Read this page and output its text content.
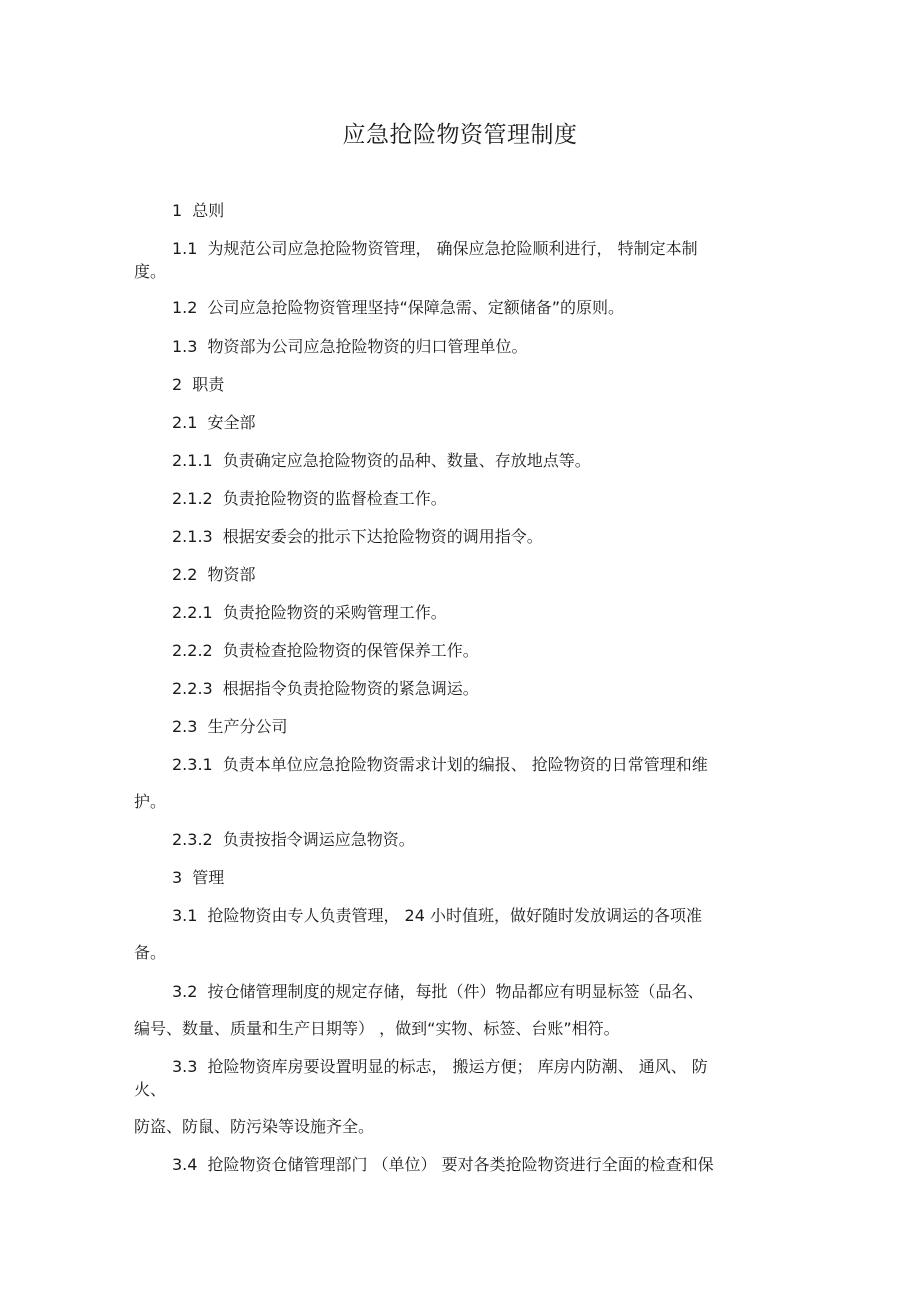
应急抢险物资管理制度
1 总则
1.1 为规范公司应急抢险物资管理， 确保应急抢险顺利进行， 特制定本制
度。
1.2 公司应急抢险物资管理坚持“保障急需、定额储备”的原则。
1.3 物资部为公司应急抢险物资的归口管理单位。
2 职责
2.1 安全部
2.1.1 负责确定应急抢险物资的品种、数量、存放地点等。
2.1.2 负责抢险物资的监督检查工作。
2.1.3 根据安委会的批示下达抢险物资的调用指令。
2.2 物资部
2.2.1 负责抢险物资的采购管理工作。
2.2.2 负责检查抢险物资的保管保养工作。
2.2.3 根据指令负责抢险物资的紧急调运。
2.3 生产分公司
2.3.1 负责本单位应急抢险物资需求计划的编报、 抢险物资的日常管理和维
护。
2.3.2 负责按指令调运应急物资。
3 管理
3.1 抢险物资由专人负责管理， 24 小时值班，做好随时发放调运的各项准
备。
3.2 按仓储管理制度的规定存储，每批（件）物品都应有明显标签（品名、
编号、数量、质量和生产日期等） ，做到“实物、标签、台账”相符。
3.3 抢险物资库房要设置明显的标志， 搬运方便； 库房内防潮、 通风、 防
火、
防盗、防鼠、防污染等设施齐全。
3.4 抢险物资仓储管理部门 （单位） 要对各类抢险物资进行全面的检查和保
